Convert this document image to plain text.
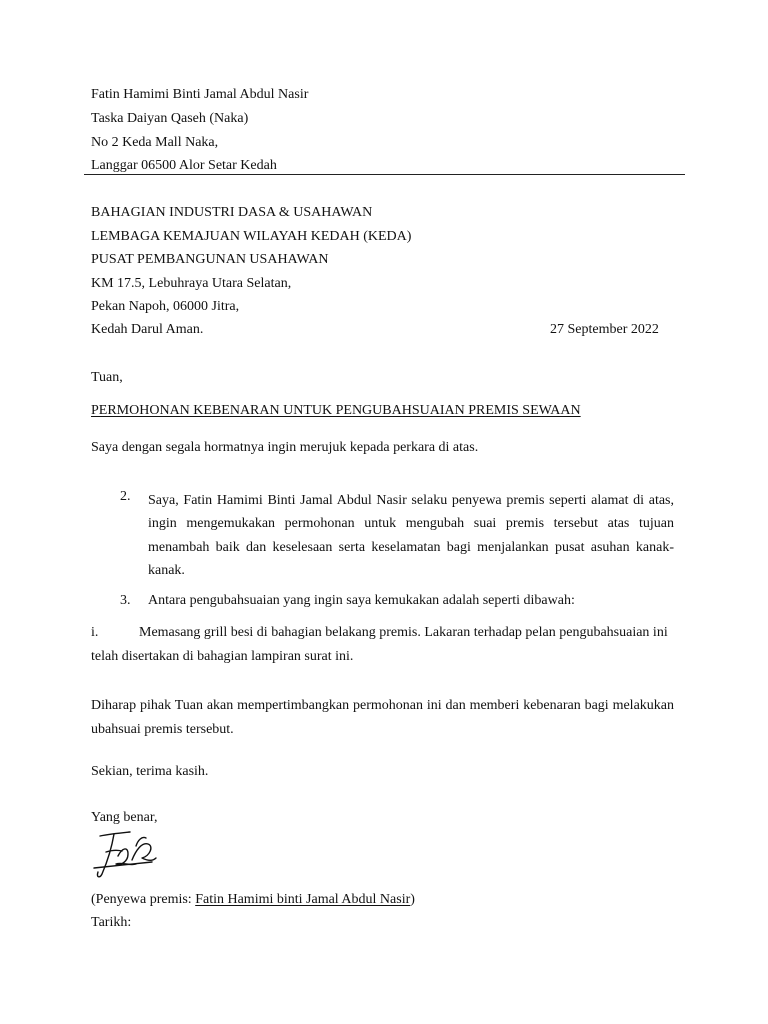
Fatin Hamimi Binti Jamal Abdul Nasir
Taska Daiyan Qaseh (Naka)
No 2 Keda Mall Naka,
Langgar 06500 Alor Setar Kedah
BAHAGIAN INDUSTRI DASA & USAHAWAN
LEMBAGA KEMAJUAN WILAYAH KEDAH (KEDA)
PUSAT PEMBANGUNAN USAHAWAN
KM 17.5, Lebuhraya Utara Selatan,
Pekan Napoh, 06000 Jitra,
Kedah Darul Aman.	27 September 2022
Tuan,
PERMOHONAN KEBENARAN UNTUK PENGUBAHSUAIAN PREMIS SEWAAN
Saya dengan segala hormatnya ingin merujuk kepada perkara di atas.
2. Saya, Fatin Hamimi Binti Jamal Abdul Nasir selaku penyewa premis seperti alamat di atas, ingin mengemukakan permohonan untuk mengubah suai premis tersebut atas tujuan menambah baik dan keselesaan serta keselamatan bagi menjalankan pusat asuhan kanak-kanak.
3. Antara pengubahsuaian yang ingin saya kemukakan adalah seperti dibawah:
i.	Memasang grill besi di bahagian belakang premis. Lakaran terhadap pelan pengubahsuaian ini
telah disertakan di bahagian lampiran surat ini.
Diharap pihak Tuan akan mempertimbangkan permohonan ini dan memberi kebenaran bagi melakukan ubahsuai premis tersebut.
Sekian, terima kasih.
Yang benar,
(Penyewa premis: Fatin Hamimi binti Jamal Abdul Nasir)
Tarikh:
